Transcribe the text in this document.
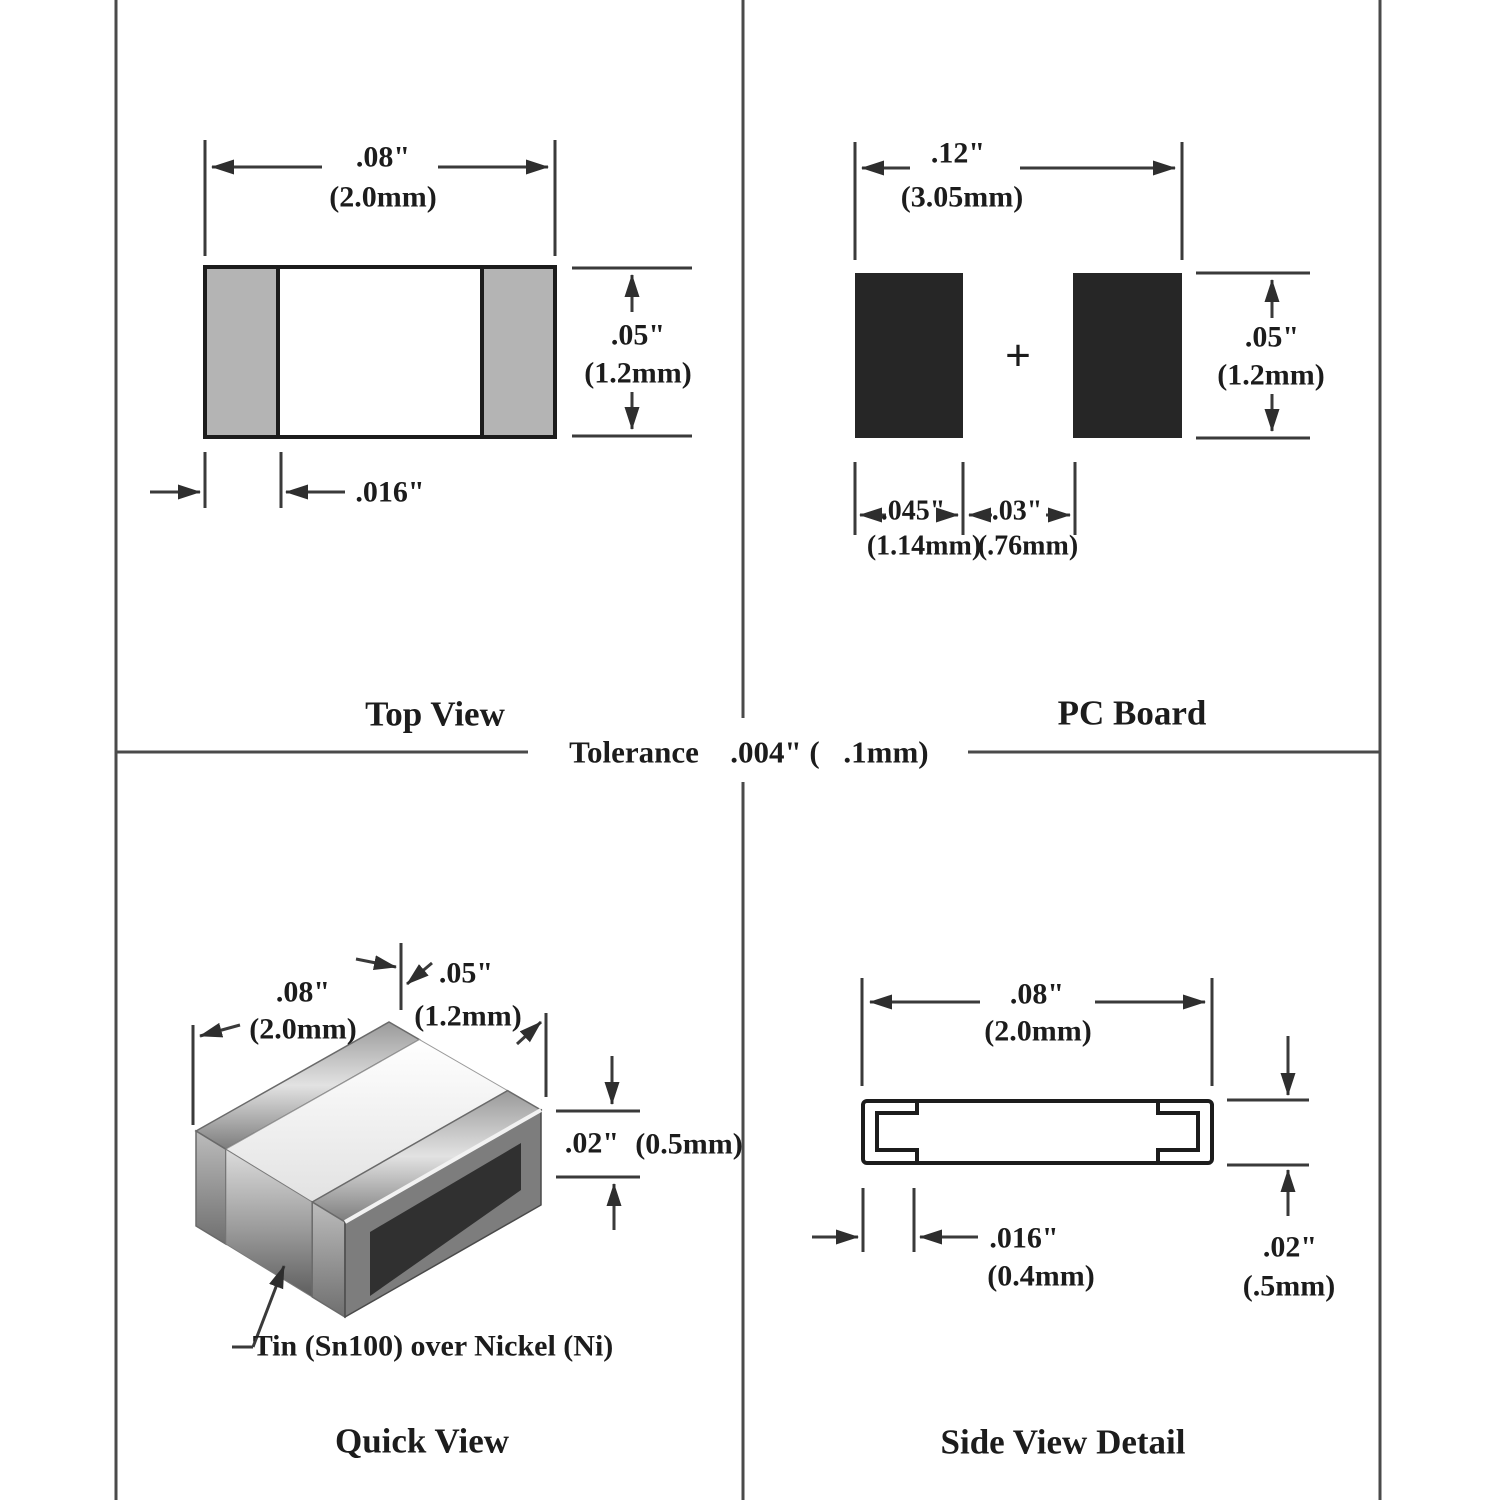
Tolerance .004" ( .1mm)
.08"
(2.0mm)
.05"
(1.2mm)
.016"
Top View
+
.12"
(3.05mm)
.05"
(1.2mm)
.045" .03"
(1.14mm)
(.76mm)
PC Board
.08"
(2.0mm)
.05"
(1.2mm)
.02" (0.5mm)
Tin (Sn100) over Nickel (Ni)
Quick View
.08"
(2.0mm)
.016"
(0.4mm)
.02"
(.5mm)
Side View Detail
